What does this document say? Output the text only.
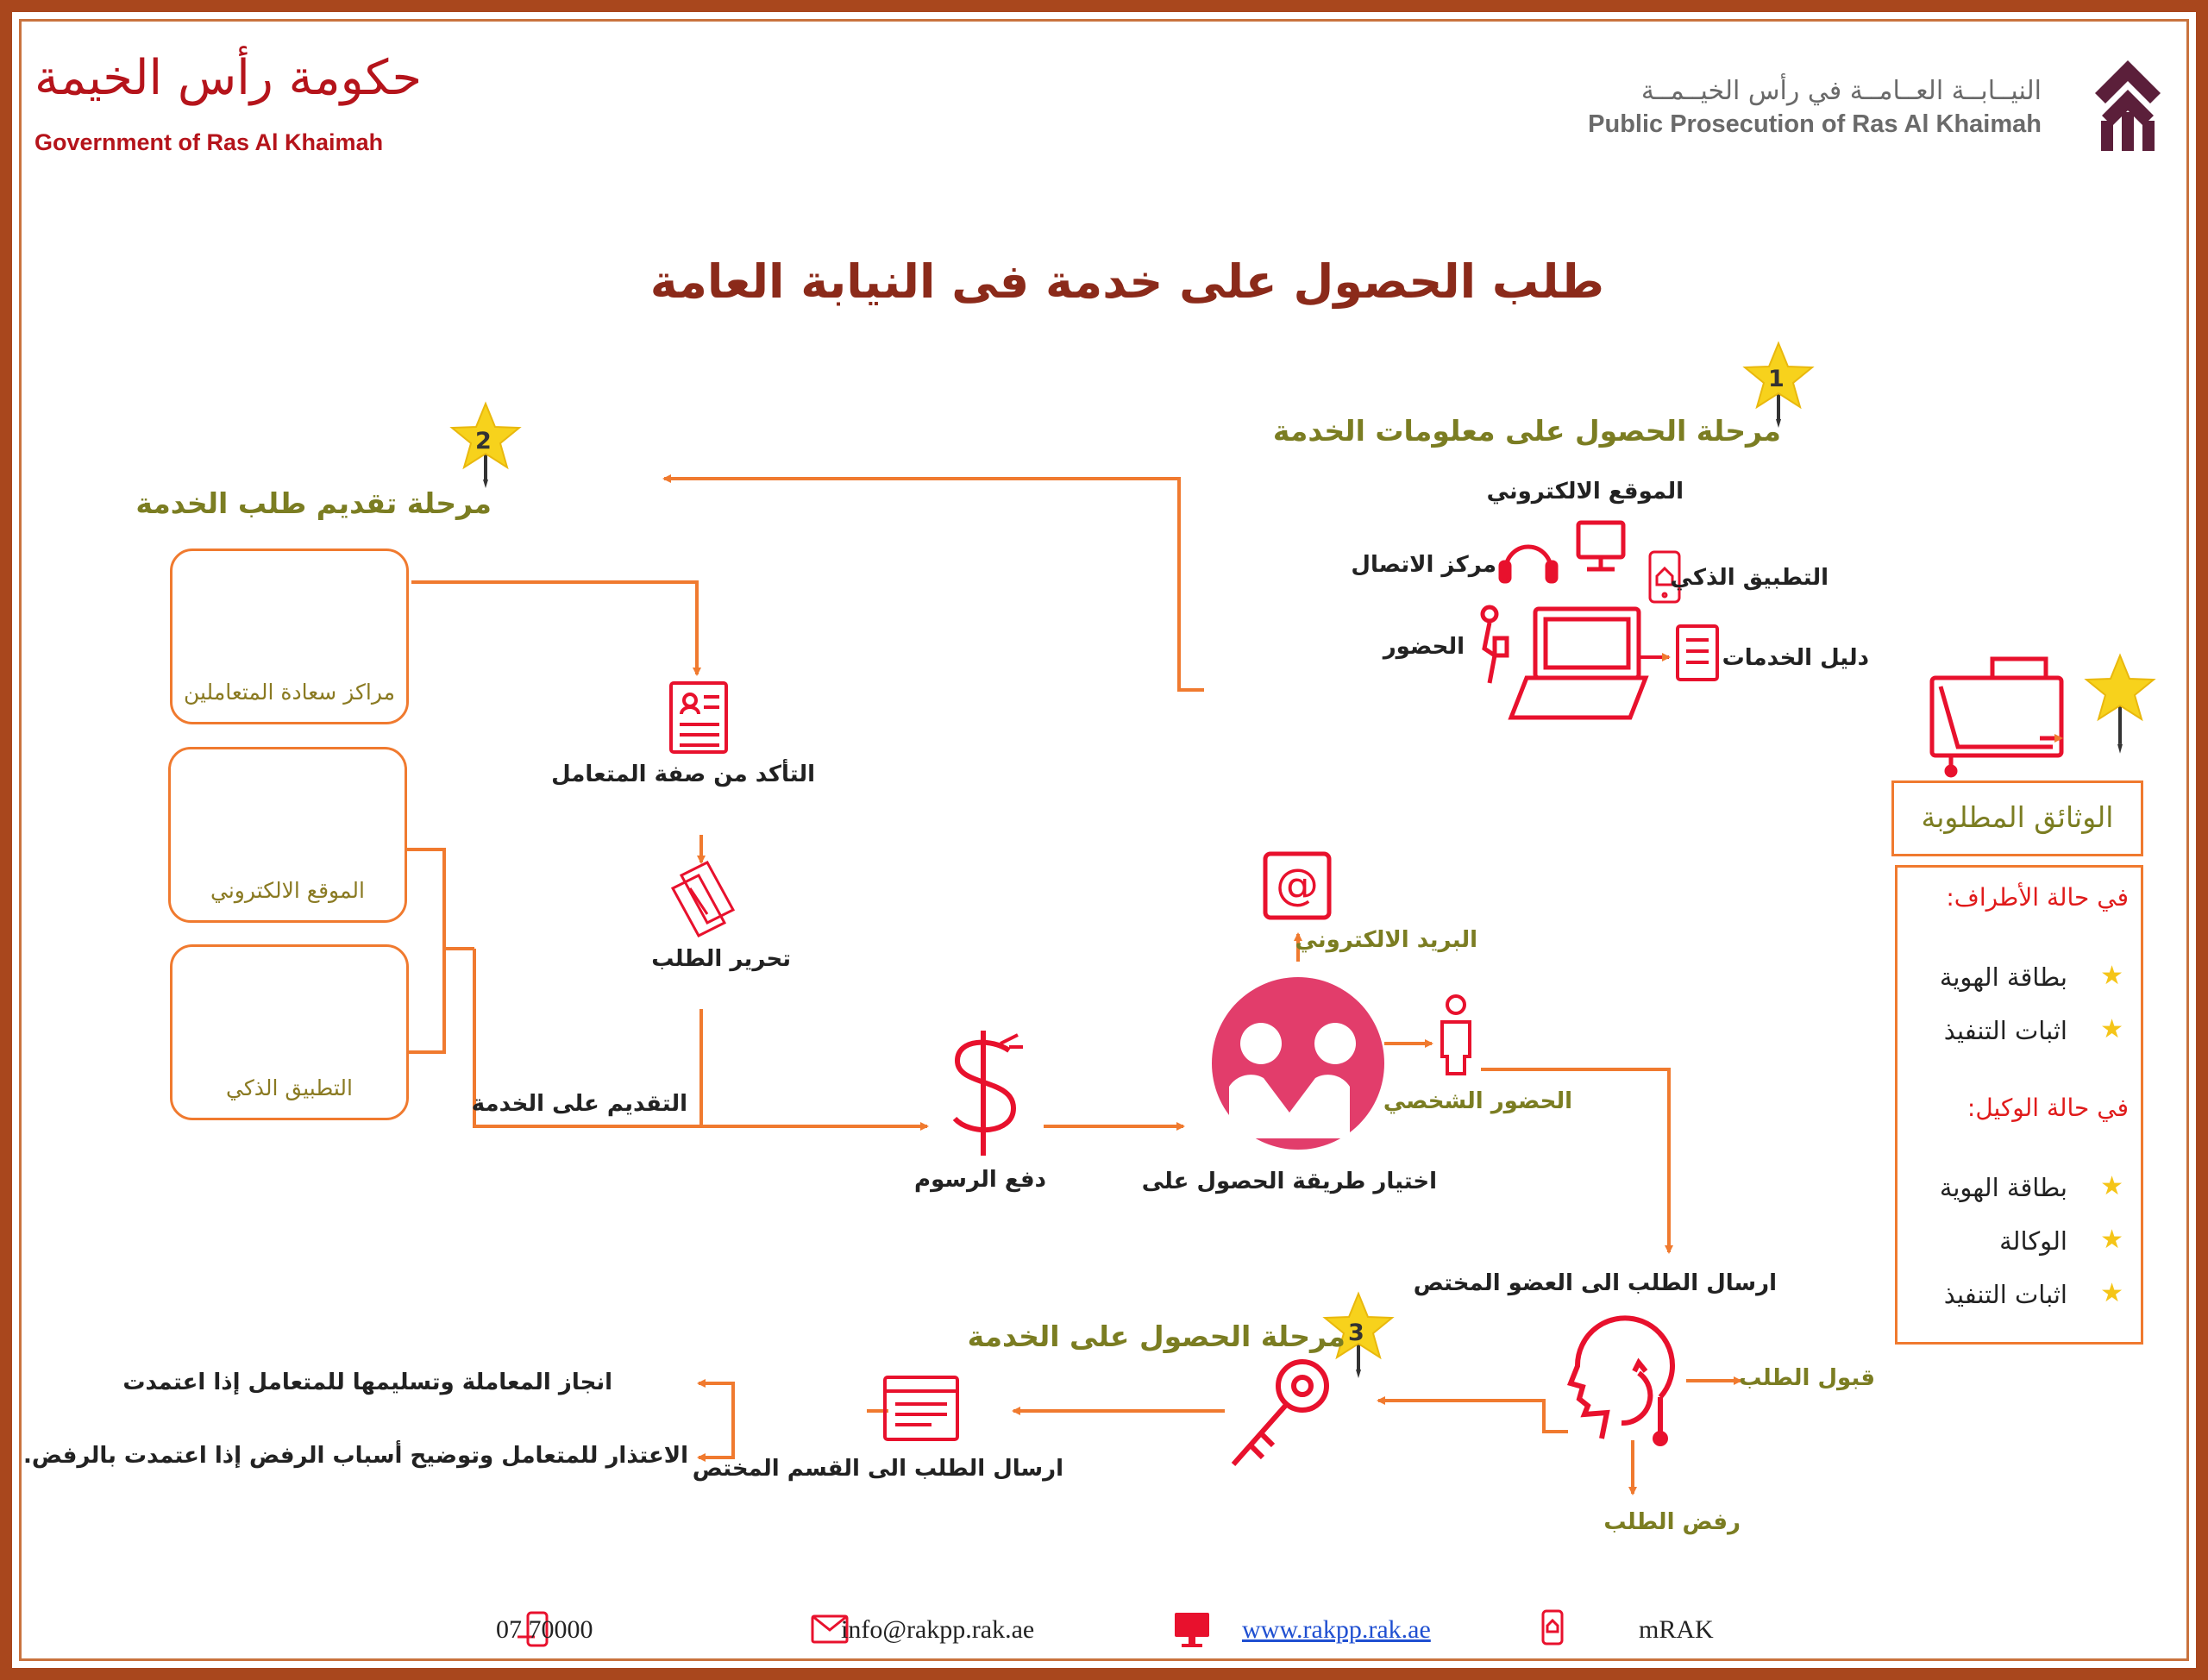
@
حكومة رأس الخيمة
Government of Ras Al Khaimah
النيــابــة العــامــة في رأس الخيــمــة
Public Prosecution of Ras Al Khaimah
طلب الحصول على خدمة فى النيابة العامة
1
مرحلة الحصول على معلومات الخدمة
2
مرحلة تقديم طلب الخدمة
3
مرحلة الحصول على الخدمة
الموقع الالكتروني
مركز الاتصال	التطبيق الذكي
الحضور	دليل الخدمات
مراكز سعادة المتعاملين
الموقع الالكتروني
التطبيق الذكي
التأكد من صفة المتعامل
تحرير الطلب
التقديم على الخدمة
دفع الرسوم	اختيار طريقة الحصول على
البريد الالكتروني
الحضور الشخصي
ارسال الطلب الى العضو المختص
قبول الطلب
رفض الطلب
ارسال الطلب الى القسم المختص
انجاز المعاملة وتسليمها للمتعامل إذا اعتمدت
الاعتذار للمتعامل وتوضيح أسباب الرفض إذا اعتمدت بالرفض.
الوثائق المطلوبة
في حالة الأطراف:
بطاقة الهوية ★
اثبات التنفيذ ★
في حالة الوكيل:
بطاقة الهوية ★
الوكالة ★
اثبات التنفيذ ★
07 70000	info@rakpp.rak.ae	www.rakpp.rak.ae	mRAK
